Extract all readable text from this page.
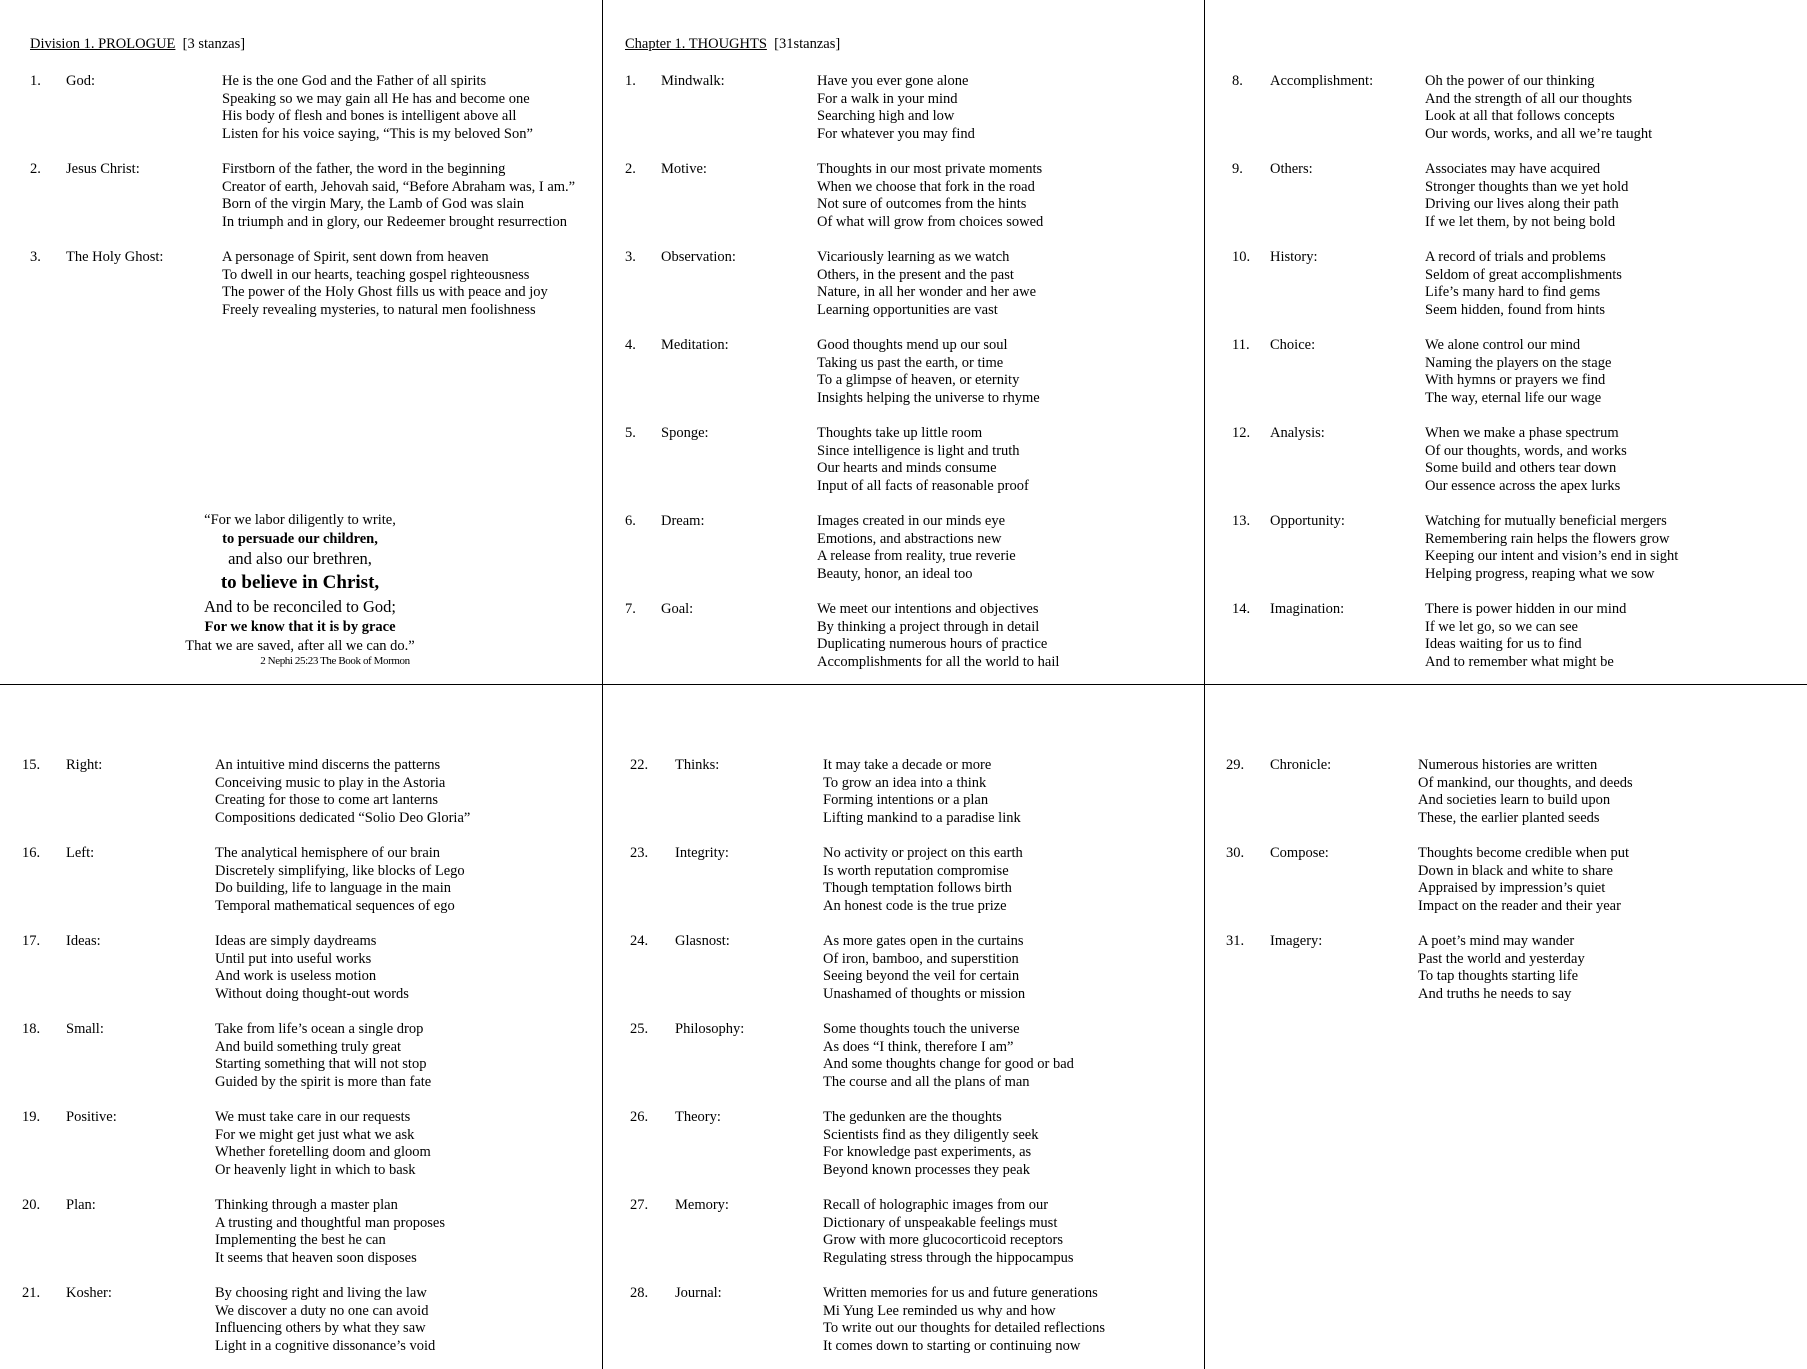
Division 1. PROLOGUE [3 stanzas]
“For we labor diligently to write,
to persuade our children,
and also our brethren,
to believe in Christ,
And to be reconciled to God;
For we know that it is by grace
That we are saved, after all we can do.”
2 Nephi 25:23 The Book of Mormon
Chapter 1. THOUGHTS [31stanzas]
1. God:	He is the one God and the Father of all spirits
Speaking so we may gain all He has and become one
His body of flesh and bones is intelligent above all
Listen for his voice saying, “This is my beloved Son”
2. Jesus Christ:	Firstborn of the father, the word in the beginning
Creator of earth, Jehovah said, “Before Abraham was, I am.”
Born of the virgin Mary, the Lamb of God was slain
In triumph and in glory, our Redeemer brought resurrection
3. The Holy Ghost:	A personage of Spirit, sent down from heaven
To dwell in our hearts, teaching gospel righteousness
The power of the Holy Ghost fills us with peace and joy
Freely revealing mysteries, to natural men foolishness
1. Mindwalk:	Have you ever gone alone
For a walk in your mind
Searching high and low
For whatever you may find
2. Motive:	Thoughts in our most private moments
When we choose that fork in the road
Not sure of outcomes from the hints
Of what will grow from choices sowed
3. Observation:	Vicariously learning as we watch
Others, in the present and the past
Nature, in all her wonder and her awe
Learning opportunities are vast
4. Meditation:	Good thoughts mend up our soul
Taking us past the earth, or time
To a glimpse of heaven, or eternity
Insights helping the universe to rhyme
5. Sponge:	Thoughts take up little room
Since intelligence is light and truth
Our hearts and minds consume
Input of all facts of reasonable proof
6. Dream:	Images created in our minds eye
Emotions, and abstractions new
A release from reality, true reverie
Beauty, honor, an ideal too
7. Goal:	We meet our intentions and objectives
By thinking a project through in detail
Duplicating numerous hours of practice
Accomplishments for all the world to hail
8. Accomplishment:	Oh the power of our thinking
And the strength of all our thoughts
Look at all that follows concepts
Our words, works, and all we’re taught
9. Others:	Associates may have acquired
Stronger thoughts than we yet hold
Driving our lives along their path
If we let them, by not being bold
10. History:	A record of trials and problems
Seldom of great accomplishments
Life’s many hard to find gems
Seem hidden, found from hints
11. Choice:	We alone control our mind
Naming the players on the stage
With hymns or prayers we find
The way, eternal life our wage
12. Analysis:	When we make a phase spectrum
Of our thoughts, words, and works
Some build and others tear down
Our essence across the apex lurks
13. Opportunity:	Watching for mutually beneficial mergers
Remembering rain helps the flowers grow
Keeping our intent and vision’s end in sight
Helping progress, reaping what we sow
14. Imagination:	There is power hidden in our mind
If we let go, so we can see
Ideas waiting for us to find
And to remember what might be
15. Right:	An intuitive mind discerns the patterns
Conceiving music to play in the Astoria
Creating for those to come art lanterns
Compositions dedicated “Solio Deo Gloria”
16. Left:	The analytical hemisphere of our brain
Discretely simplifying, like blocks of Lego
Do building, life to language in the main
Temporal mathematical sequences of ego
17. Ideas:	Ideas are simply daydreams
Until put into useful works
And work is useless motion
Without doing thought-out words
18. Small:	Take from life’s ocean a single drop
And build something truly great
Starting something that will not stop
Guided by the spirit is more than fate
19. Positive:	We must take care in our requests
For we might get just what we ask
Whether foretelling doom and gloom
Or heavenly light in which to bask
20. Plan:	Thinking through a master plan
A trusting and thoughtful man proposes
Implementing the best he can
It seems that heaven soon disposes
21. Kosher:	By choosing right and living the law
We discover a duty no one can avoid
Influencing others by what they saw
Light in a cognitive dissonance’s void
22. Thinks:	It may take a decade or more
To grow an idea into a think
Forming intentions or a plan
Lifting mankind to a paradise link
23. Integrity:	No activity or project on this earth
Is worth reputation compromise
Though temptation follows birth
An honest code is the true prize
24. Glasnost:	As more gates open in the curtains
Of iron, bamboo, and superstition
Seeing beyond the veil for certain
Unashamed of thoughts or mission
25. Philosophy:	Some thoughts touch the universe
As does “I think, therefore I am”
And some thoughts change for good or bad
The course and all the plans of man
26. Theory:	The gedunken are the thoughts
Scientists find as they diligently seek
For knowledge past experiments, as
Beyond known processes they peak
27. Memory:	Recall of holographic images from our
Dictionary of unspeakable feelings must
Grow with more glucocorticoid receptors
Regulating stress through the hippocampus
28. Journal:	Written memories for us and future generations
Mi Yung Lee reminded us why and how
To write out our thoughts for detailed reflections
It comes down to starting or continuing now
29. Chronicle:	Numerous histories are written
Of mankind, our thoughts, and deeds
And societies learn to build upon
These, the earlier planted seeds
30. Compose:	Thoughts become credible when put
Down in black and white to share
Appraised by impression’s quiet
Impact on the reader and their year
31. Imagery:	A poet’s mind may wander
Past the world and yesterday
To tap thoughts starting life
And truths he needs to say
